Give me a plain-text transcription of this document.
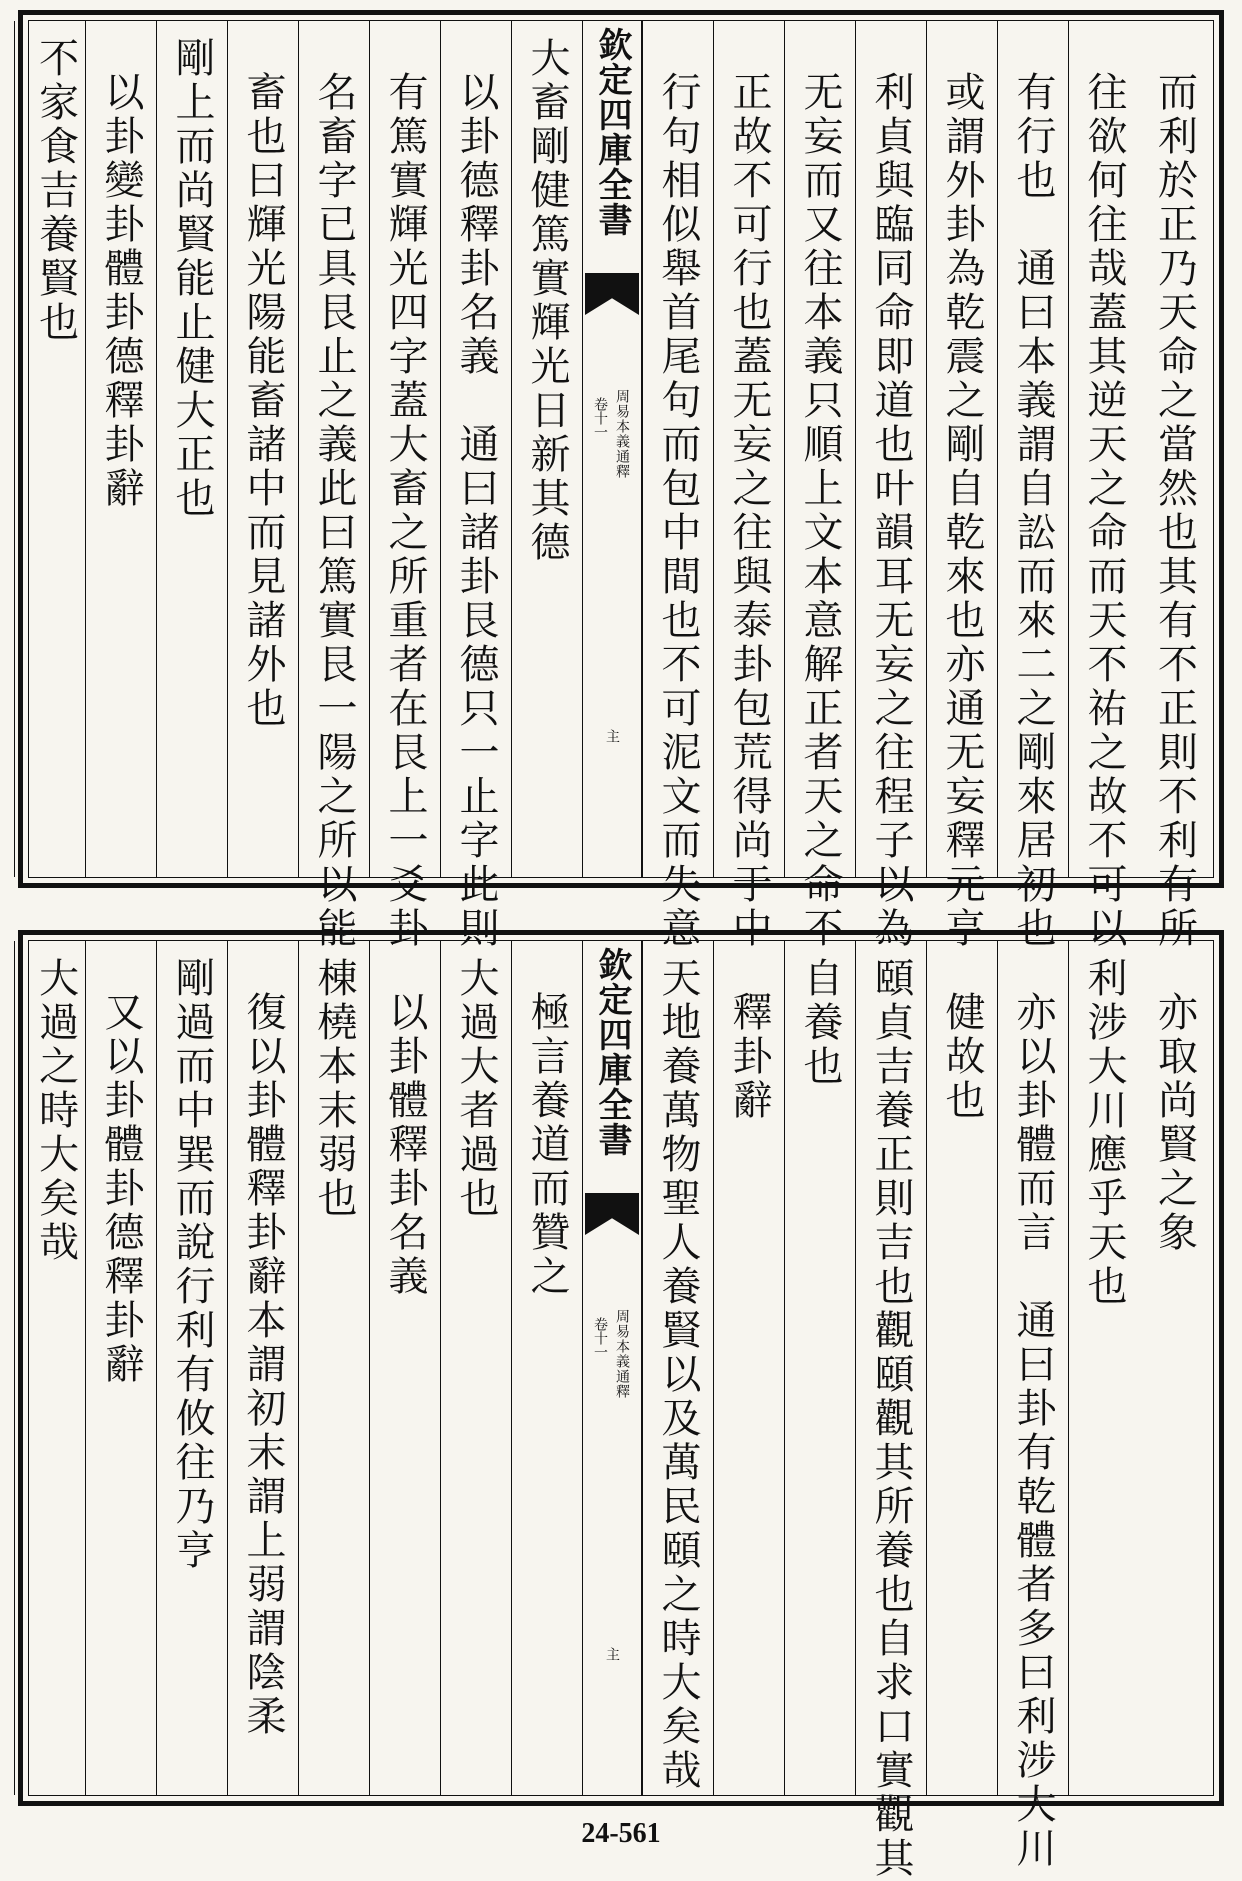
而利於正乃天命之當然也其有不正則不利有所
往欲何往哉蓋其逆天之命而天不祐之故不可以
有行也　通曰本義謂自訟而來二之剛來居初也
或謂外卦為乾震之剛自乾來也亦通无妄釋元亨
利貞與臨同命即道也叶韻耳无妄之往程子以為
无妄而又往本義只順上文本意解正者天之命不
正故不可行也蓋无妄之往與泰卦包荒得尚于中
行句相似舉首尾句而包中間也不可泥文而失意
欽定四庫全書
周易本義通釋
卷十一
主
大畜剛健篤實輝光日新其德
以卦德釋卦名義　通曰諸卦艮德只一止字此則
有篤實輝光四字蓋大畜之所重者在艮上一爻卦
名畜字已具艮止之義此曰篤實艮一陽之所以能
畜也曰輝光陽能畜諸中而見諸外也
剛上而尚賢能止健大正也
以卦變卦體卦德釋卦辭
不家食吉養賢也
亦取尚賢之象
利涉大川應乎天也
亦以卦體而言　通曰卦有乾體者多曰利涉大川
健故也
頤貞吉養正則吉也觀頤觀其所養也自求口實觀其
自養也
釋卦辭
天地養萬物聖人養賢以及萬民頤之時大矣哉
欽定四庫全書
周易本義通釋
卷十一
主
極言養道而贊之
大過大者過也
以卦體釋卦名義
棟橈本末弱也
復以卦體釋卦辭本謂初末謂上弱謂陰柔
剛過而中巽而說行利有攸往乃亨
又以卦體卦德釋卦辭
大過之時大矣哉
24-561
